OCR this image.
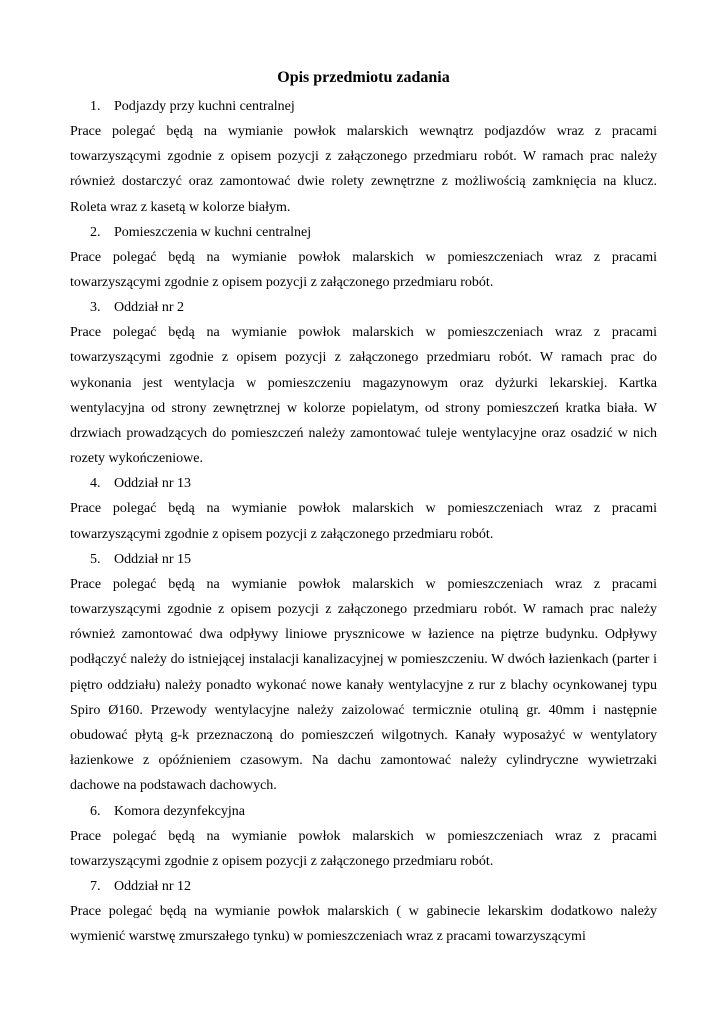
Opis przedmiotu zadania
1. Podjazdy przy kuchni centralnej

Prace polegać będą na wymianie powłok malarskich wewnątrz podjazdów wraz z pracami towarzyszącymi zgodnie z opisem pozycji z załączonego przedmiaru robót. W ramach prac należy również dostarczyć oraz zamontować dwie rolety zewnętrzne z możliwością zamknięcia na klucz. Roleta wraz z kasetą w kolorze białym.

2. Pomieszczenia w kuchni centralnej

Prace polegać będą na wymianie powłok malarskich w pomieszczeniach wraz z pracami towarzyszącymi zgodnie z opisem pozycji z załączonego przedmiaru robót.

3. Oddział nr 2

Prace polegać będą na wymianie powłok malarskich w pomieszczeniach wraz z pracami towarzyszącymi zgodnie z opisem pozycji z załączonego przedmiaru robót. W ramach prac do wykonania jest wentylacja w pomieszczeniu magazynowym oraz dyżurki lekarskiej. Kartka wentylacyjna od strony zewnętrznej w kolorze popielatym, od strony pomieszczeń kratka biała. W drzwiach prowadzących do pomieszczeń należy zamontować tuleje wentylacyjne oraz osadzić w nich rozety wykończeniowe.

4. Oddział nr 13

Prace polegać będą na wymianie powłok malarskich w pomieszczeniach wraz z pracami towarzyszącymi zgodnie z opisem pozycji z załączonego przedmiaru robót.

5. Oddział nr 15

Prace polegać będą na wymianie powłok malarskich w pomieszczeniach wraz z pracami towarzyszącymi zgodnie z opisem pozycji z załączonego przedmiaru robót. W ramach prac należy również zamontować dwa odpływy liniowe prysznicowe w łazience na piętrze budynku. Odpływy podłączyć należy do istniejącej instalacji kanalizacyjnej w pomieszczeniu. W dwóch łazienkach (parter i piętro oddziału) należy ponadto wykonać nowe kanały wentylacyjne z rur z blachy ocynkowanej typu Spiro Ø160. Przewody wentylacyjne należy zaizolować termicznie otuliną gr. 40mm i następnie obudować płytą g-k przeznaczoną do pomieszczeń wilgotnych. Kanały wyposażyć w wentylatory łazienkowe z opóźnieniem czasowym. Na dachu zamontować należy cylindryczne wywietrzaki dachowe na podstawach dachowych.

6. Komora dezynfekcyjna

Prace polegać będą na wymianie powłok malarskich w pomieszczeniach wraz z pracami towarzyszącymi zgodnie z opisem pozycji z załączonego przedmiaru robót.

7. Oddział nr 12

Prace polegać będą na wymianie powłok malarskich ( w gabinecie lekarskim dodatkowo należy wymienić warstwę zmurszałego tynku) w pomieszczeniach wraz z pracami towarzyszącymi
